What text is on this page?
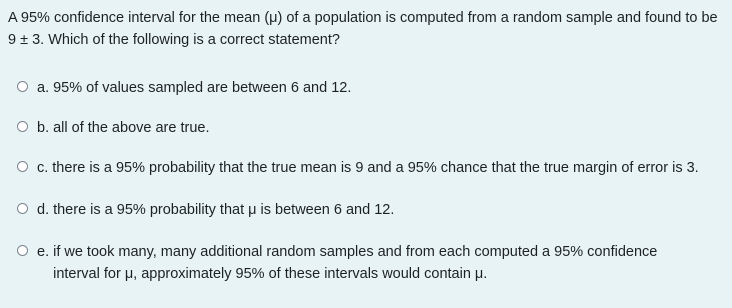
A 95% confidence interval for the mean (μ) of a population is computed from a random sample and found to be 9 ± 3. Which of the following is a correct statement?
a. 95% of values sampled are between 6 and 12.
b. all of the above are true.
c. there is a 95% probability that the true mean is 9 and a 95% chance that the true margin of error is 3.
d. there is a 95% probability that μ is between 6 and 12.
e. if we took many, many additional random samples and from each computed a 95% confidence interval for μ, approximately 95% of these intervals would contain μ.
